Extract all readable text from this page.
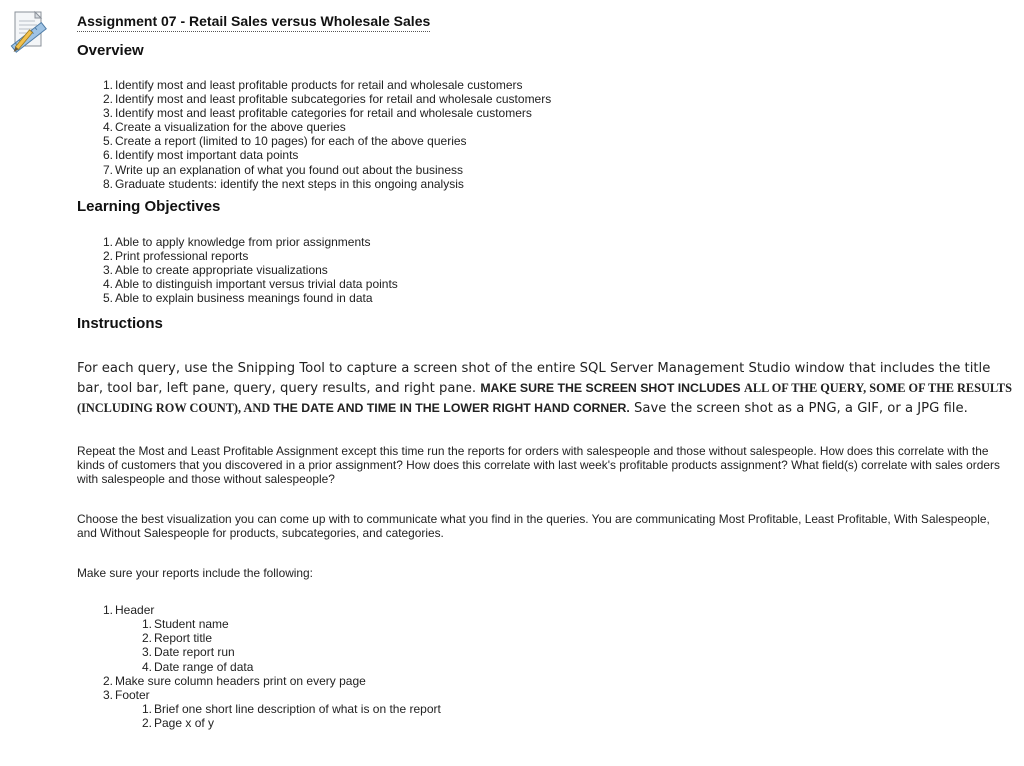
Assignment 07 - Retail Sales versus Wholesale Sales
Overview
Identify most and least profitable products for retail and wholesale customers
Identify most and least profitable subcategories for retail and wholesale customers
Identify most and least profitable categories for retail and wholesale customers
Create a visualization for the above queries
Create a report (limited to 10 pages) for each of the above queries
Identify most important data points
Write up an explanation of what you found out about the business
Graduate students: identify the next steps in this ongoing analysis
Learning Objectives
Able to apply knowledge from prior assignments
Print professional reports
Able to create appropriate visualizations
Able to distinguish important versus trivial data points
Able to explain business meanings found in data
Instructions

For each query, use the Snipping Tool to capture a screen shot of the entire SQL Server Management Studio window that includes the title bar, tool bar, left pane, query, query results, and right pane. MAKE SURE THE SCREEN SHOT INCLUDES ALL OF THE QUERY, SOME OF THE RESULTS (INCLUDING ROW COUNT), AND THE DATE AND TIME IN THE LOWER RIGHT HAND CORNER. Save the screen shot as a PNG, a GIF, or a JPG file.

Repeat the Most and Least Profitable Assignment except this time run the reports for orders with salespeople and those without salespeople. How does this correlate with the kinds of customers that you discovered in a prior assignment? How does this correlate with last week's profitable products assignment? What field(s) correlate with sales orders with salespeople and those without salespeople?

Choose the best visualization you can come up with to communicate what you find in the queries. You are communicating Most Profitable, Least Profitable, With Salespeople, and Without Salespeople for products, subcategories, and categories.

Make sure your reports include the following:

Header
Student name
Report title
Date report run
Date range of data
Make sure column headers print on every page
Footer
Brief one short line description of what is on the report
Page x of y
